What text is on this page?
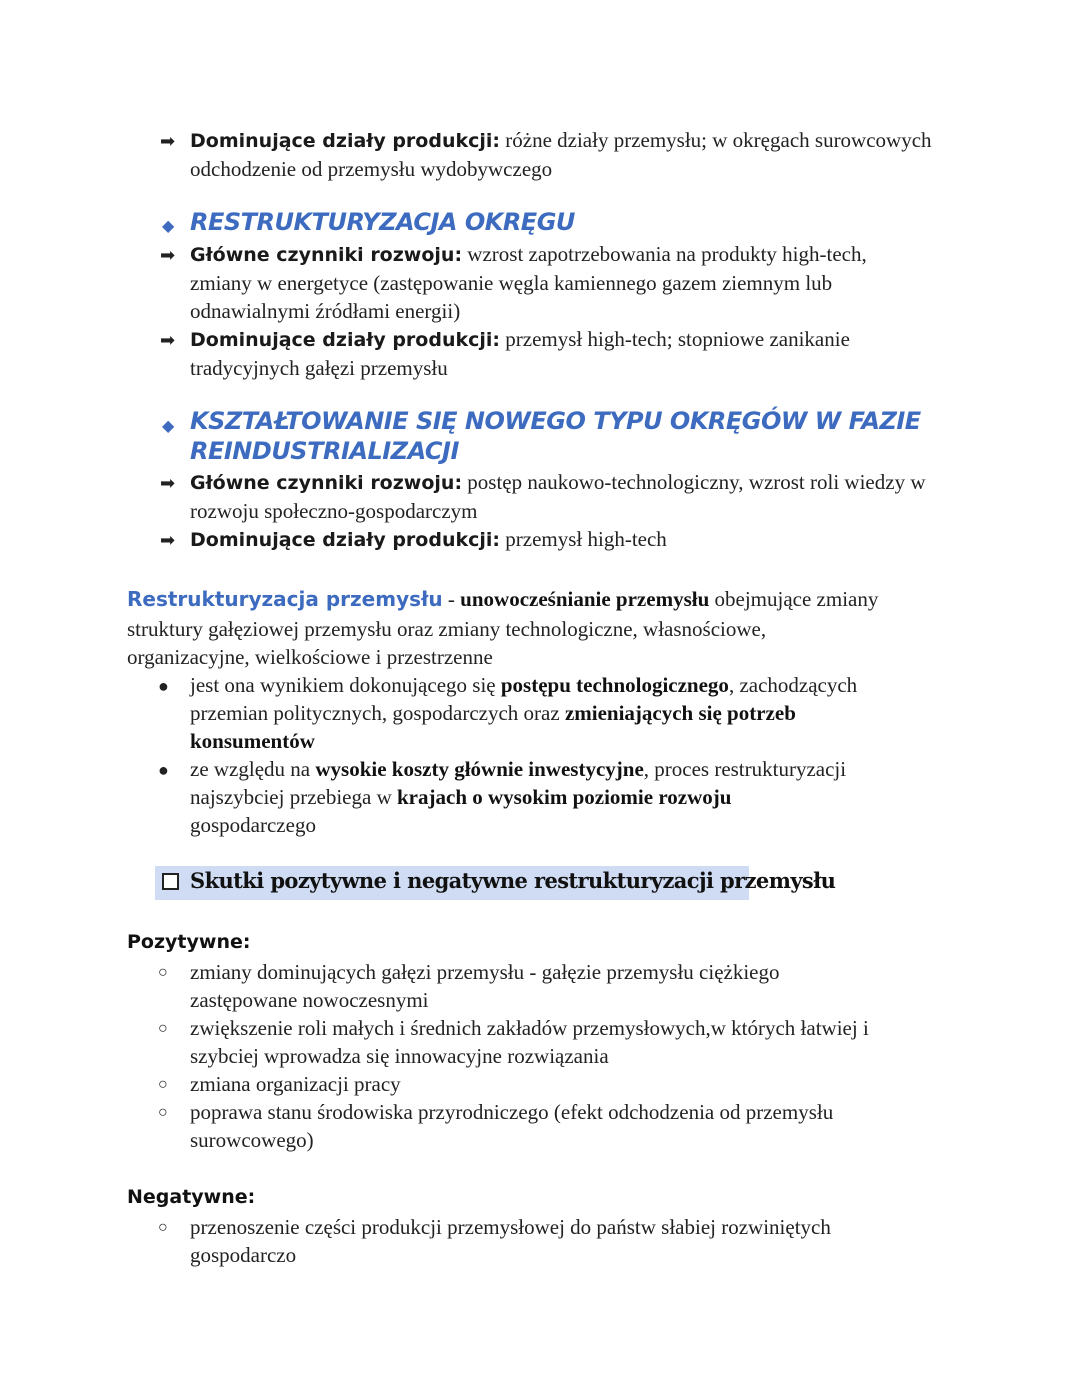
➡ Dominujące działy produkcji: różne działy przemysłu; w okręgach surowcowych
odchodzenie od przemysłu wydobywczego
◆ RESTRUKTURYZACJA OKRĘGU
➡ Główne czynniki rozwoju: wzrost zapotrzebowania na produkty high-tech,
zmiany w energetyce (zastępowanie węgla kamiennego gazem ziemnym lub
odnawialnymi źródłami energii)
➡ Dominujące działy produkcji: przemysł high-tech; stopniowe zanikanie
tradycyjnych gałęzi przemysłu
◆ KSZTAŁTOWANIE SIĘ NOWEGO TYPU OKRĘGÓW W FAZIE
REINDUSTRIALIZACJI
➡ Główne czynniki rozwoju: postęp naukowo-technologiczny, wzrost roli wiedzy w
rozwoju społeczno-gospodarczym
➡ Dominujące działy produkcji: przemysł high-tech
Restrukturyzacja przemysłu - unowocześnianie przemysłu obejmujące zmiany
struktury gałęziowej przemysłu oraz zmiany technologiczne, własnościowe,
organizacyjne, wielkościowe i przestrzenne
● jest ona wynikiem dokonującego się postępu technologicznego, zachodzących
przemian politycznych, gospodarczych oraz zmieniających się potrzeb
konsumentów
● ze względu na wysokie koszty głównie inwestycyjne, proces restrukturyzacji
najszybciej przebiega w krajach o wysokim poziomie rozwoju
gospodarczego
Skutki pozytywne i negatywne restrukturyzacji przemysłu
Pozytywne:
○ zmiany dominujących gałęzi przemysłu - gałęzie przemysłu ciężkiego
zastępowane nowoczesnymi
○ zwiększenie roli małych i średnich zakładów przemysłowych,w których łatwiej i
szybciej wprowadza się innowacyjne rozwiązania
○ zmiana organizacji pracy
○ poprawa stanu środowiska przyrodniczego (efekt odchodzenia od przemysłu
surowcowego)
Negatywne:
○ przenoszenie części produkcji przemysłowej do państw słabiej rozwiniętych
gospodarczo
